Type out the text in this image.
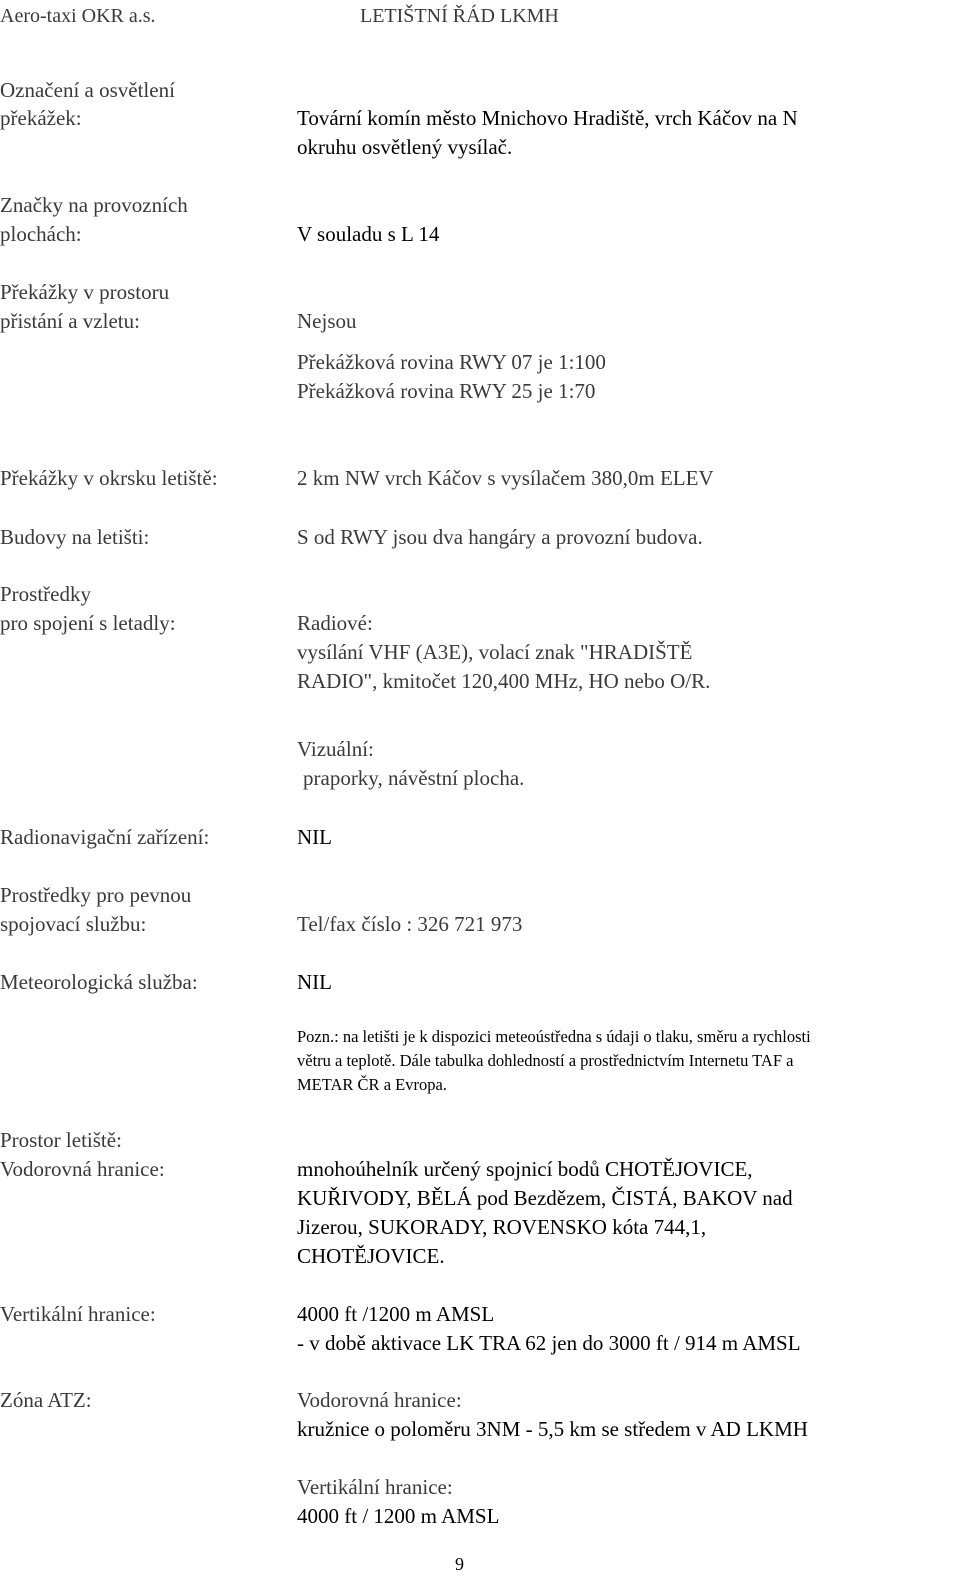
Aero-taxi OKR a.s.	LETIŠTNÍ ŘÁD LKMH
Označení a osvětlení
překážek:	Tovární komín město Mnichovo Hradiště, vrch Káčov na N
okruhu osvětlený vysílač.
Značky na provozních
plochách:	V souladu s L 14
Překážky v prostoru
přistání a vzletu:	Nejsou
Překážková rovina RWY 07 je 1:100
Překážková rovina RWY 25 je 1:70
Překážky v okrsku letiště:	2 km NW vrch Káčov s vysílačem 380,0m ELEV
Budovy na letišti:	S od RWY jsou dva hangáry a provozní budova.
Prostředky
pro spojení s letadly:	Radiové:
vysílání VHF (A3E), volací znak "HRADIŠTĚ
RADIO", kmitočet 120,400 MHz, HO nebo O/R.
Vizuální:
praporky, návěstní plocha.
Radionavigační zařízení:	NIL
Prostředky pro pevnou
spojovací službu:	Tel/fax číslo : 326 721 973
Meteorologická služba:	NIL
Pozn.: na letišti je k dispozici meteoústředna s údaji o tlaku, směru a rychlosti
větru a teplotě. Dále tabulka dohledností a prostřednictvím Internetu TAF a
METAR ČR a Evropa.
Prostor letiště:
Vodorovná hranice:	mnohoúhelník určený spojnicí bodů CHOTĚJOVICE,
KUŘIVODY, BĚLÁ pod Bezdězem, ČISTÁ, BAKOV nad
Jizerou, SUKORADY, ROVENSKO kóta 744,1,
CHOTĚJOVICE.
Vertikální hranice:	4000 ft /1200 m AMSL
- v době aktivace LK TRA 62 jen do 3000 ft / 914 m AMSL
Zóna ATZ:	Vodorovná hranice:
kružnice o poloměru 3NM - 5,5 km se středem v AD LKMH
Vertikální hranice:
4000 ft / 1200 m AMSL
9
